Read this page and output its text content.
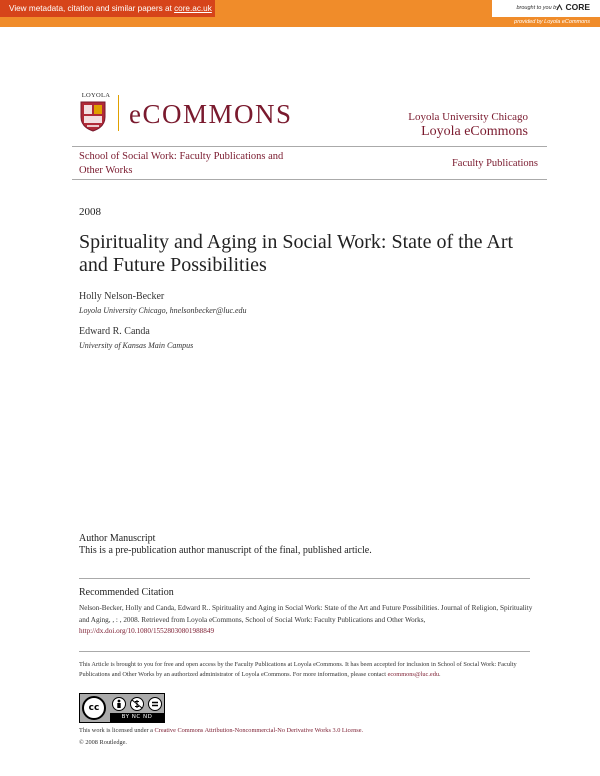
View metadata, citation and similar papers at core.ac.uk	brought to you by CORE
provided by Loyola eCommons
LOYOLA
eCOMMONS	Loyola University Chicago
Loyola eCommons
School of Social Work: Faculty Publications and Other Works
Faculty Publications
2008
Spirituality and Aging in Social Work: State of the Art and Future Possibilities
Holly Nelson-Becker
Loyola University Chicago, hnelsonbecker@luc.edu
Edward R. Canda
University of Kansas Main Campus
Author Manuscript
This is a pre-publication author manuscript of the final, published article.
Recommended Citation
Nelson-Becker, Holly and Canda, Edward R.. Spirituality and Aging in Social Work: State of the Art and Future Possibilities. Journal of Religion, Spirituality and Aging, , : , 2008. Retrieved from Loyola eCommons, School of Social Work: Faculty Publications and Other Works, http://dx.doi.org/10.1080/15528030801988849
This Article is brought to you for free and open access by the Faculty Publications at Loyola eCommons. It has been accepted for inclusion in School of Social Work: Faculty Publications and Other Works by an authorized administrator of Loyola eCommons. For more information, please contact ecommons@luc.edu.
cc
BY NC ND
This work is licensed under a Creative Commons Attribution-Noncommercial-No Derivative Works 3.0 License.
© 2008 Routledge.
